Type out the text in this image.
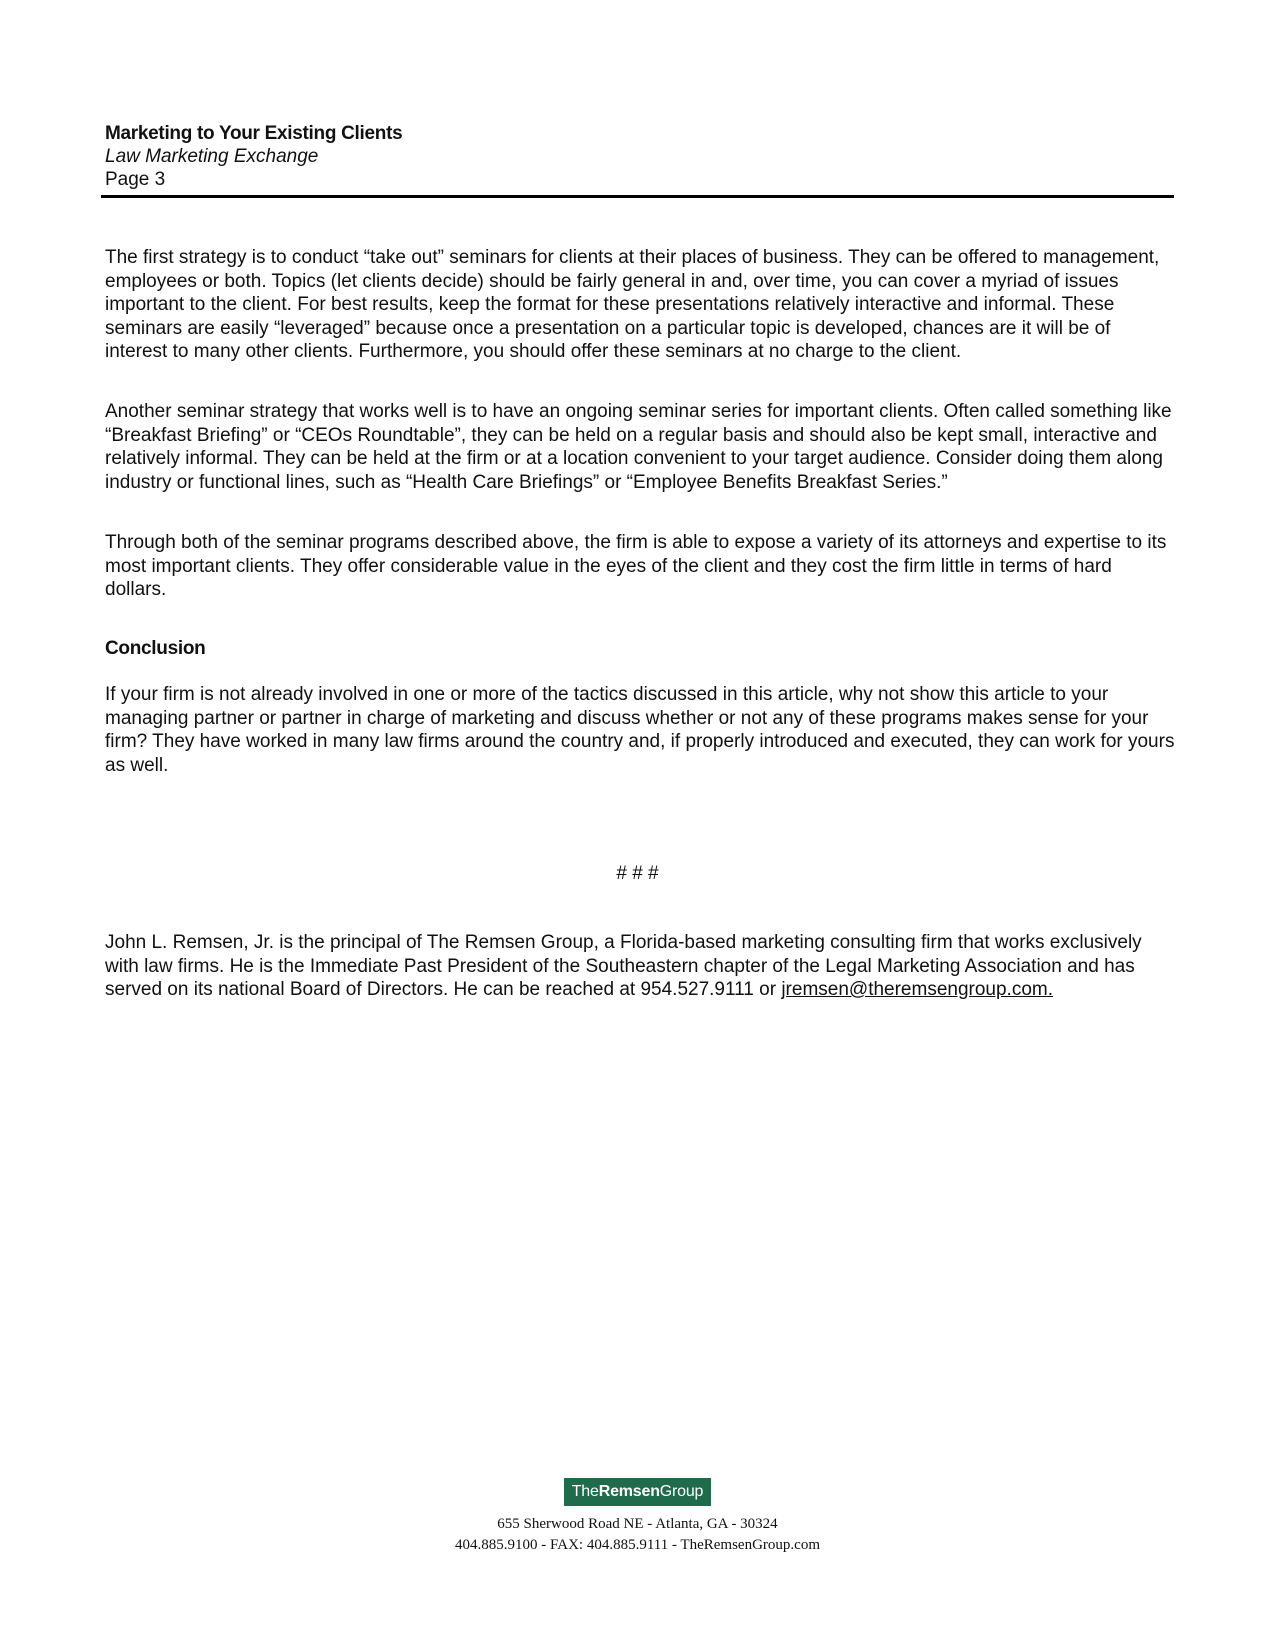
Marketing to Your Existing Clients
Law Marketing Exchange
Page 3

The first strategy is to conduct “take out” seminars for clients at their places of business. They can be offered to management, employees or both. Topics (let clients decide) should be fairly general in and, over time, you can cover a myriad of issues important to the client. For best results, keep the format for these presentations relatively interactive and informal. These seminars are easily “leveraged” because once a presentation on a particular topic is developed, chances are it will be of interest to many other clients. Furthermore, you should offer these seminars at no charge to the client.

Another seminar strategy that works well is to have an ongoing seminar series for important clients. Often called something like “Breakfast Briefing” or “CEOs Roundtable”, they can be held on a regular basis and should also be kept small, interactive and relatively informal. They can be held at the firm or at a location convenient to your target audience. Consider doing them along industry or functional lines, such as “Health Care Briefings” or “Employee Benefits Breakfast Series.”

Through both of the seminar programs described above, the firm is able to expose a variety of its attorneys and expertise to its most important clients. They offer considerable value in the eyes of the client and they cost the firm little in terms of hard dollars.

Conclusion

If your firm is not already involved in one or more of the tactics discussed in this article, why not show this article to your managing partner or partner in charge of marketing and discuss whether or not any of these programs makes sense for your firm? They have worked in many law firms around the country and, if properly introduced and executed, they can work for yours as well.

# # #
John L. Remsen, Jr. is the principal of The Remsen Group, a Florida-based marketing consulting firm that works exclusively with law firms. He is the Immediate Past President of the Southeastern chapter of the Legal Marketing Association and has served on its national Board of Directors. He can be reached at 954.527.9111 or jremsen@theremsengroup.com.
TheRemsenGroup
655 Sherwood Road NE - Atlanta, GA - 30324
404.885.9100 - FAX: 404.885.9111 - TheRemsenGroup.com
